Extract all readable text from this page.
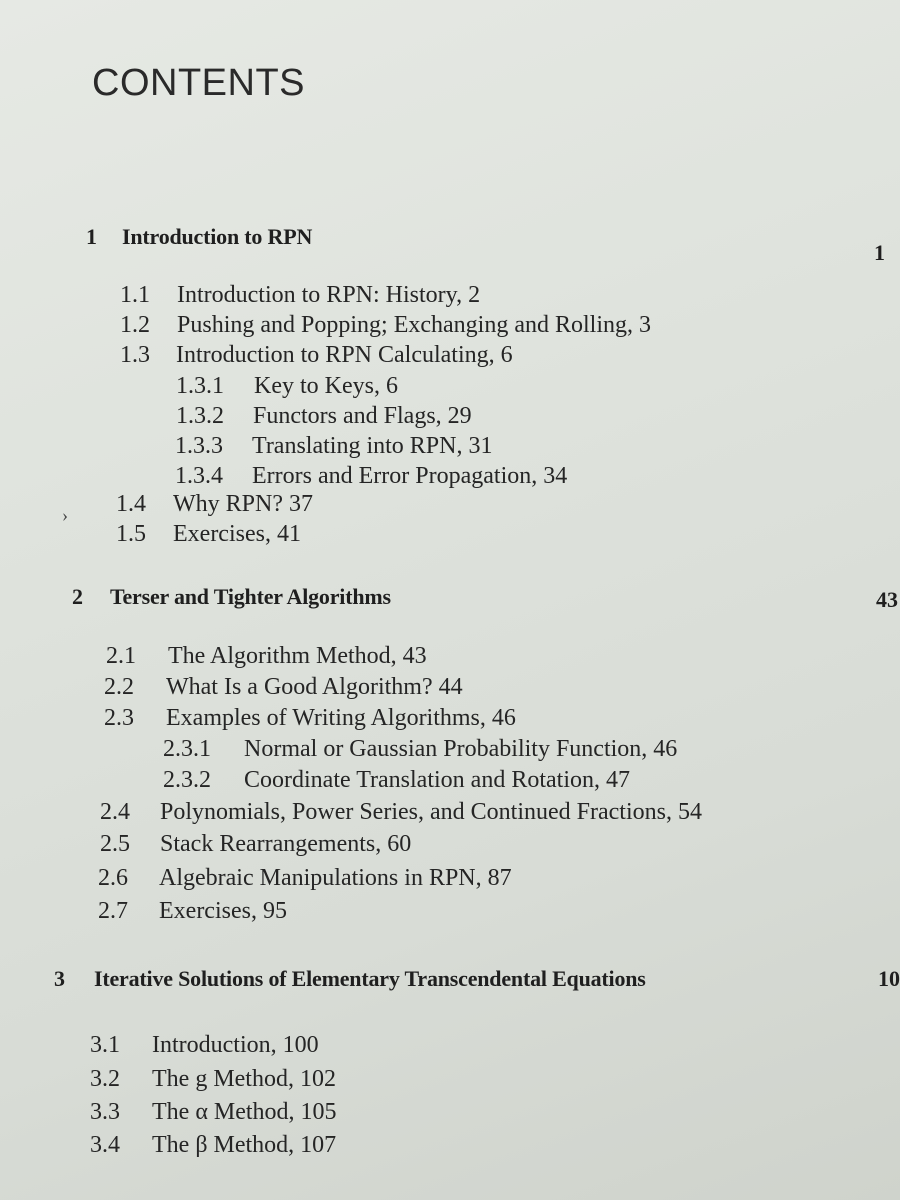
CONTENTS
1 Introduction to RPN
1
1.1 Introduction to RPN: History, 2
1.2 Pushing and Popping; Exchanging and Rolling, 3
1.3 Introduction to RPN Calculating, 6
1.3.1 Key to Keys, 6
1.3.2 Functors and Flags, 29
1.3.3 Translating into RPN, 31
1.3.4 Errors and Error Propagation, 34
1.4 Why RPN? 37
1.5 Exercises, 41
›
2 Terser and Tighter Algorithms	43
2.1 The Algorithm Method, 43
2.2 What Is a Good Algorithm? 44
2.3 Examples of Writing Algorithms, 46
2.3.1 Normal or Gaussian Probability Function, 46
2.3.2 Coordinate Translation and Rotation, 47
2.4 Polynomials, Power Series, and Continued Fractions, 54
2.5 Stack Rearrangements, 60
2.6 Algebraic Manipulations in RPN, 87
2.7 Exercises, 95
3 Iterative Solutions of Elementary Transcendental Equations	10
3.1 Introduction, 100
3.2 The g Method, 102
3.3 The α Method, 105
3.4 The β Method, 107
